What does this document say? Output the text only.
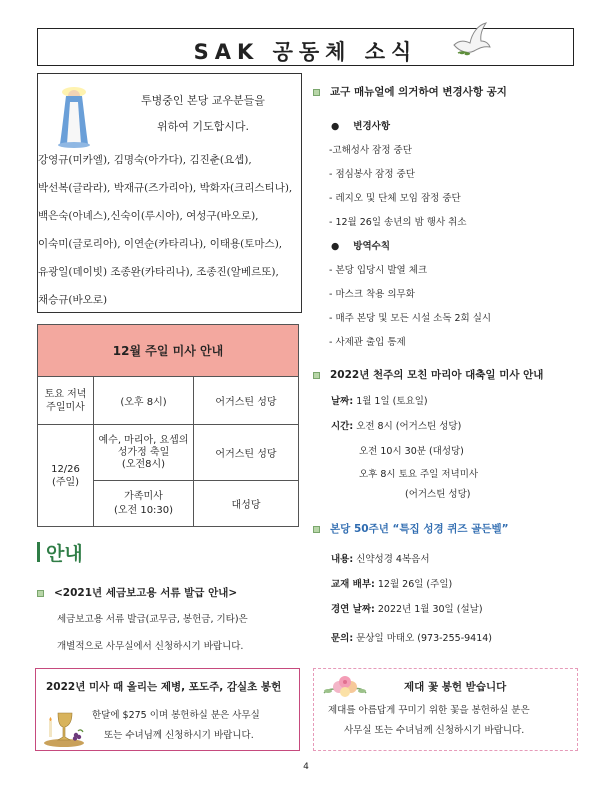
SAK 공동체 소식
투병중인 본당 교우분들을
위하여 기도합시다.
강영규(미카엘), 김명숙(아가다), 김진춘(요셉),
박선복(글라라), 박재규(즈가리아), 박화자(크리스티나),
백은숙(아녜스),신숙이(루시아), 여성구(바오로),
이숙미(글로리아), 이연순(카타리나), 이태용(토마스),
유광일(데이빗) 조종완(카타리나), 조종진(알베르또),
채승규(바오로)
12월 주일 미사 안내		
토요 저녁
주일미사	(오후 8시)	어거스틴 성당
12/26
(주일)	예수, 마리아, 요셉의
성가정 축일
(오전8시)	어거스틴 성당
	가족미사
(오전 10:30)	대성당
안내
<2021년 세금보고용 서류 발급 안내>
세금보고용 서류 발급(교무금, 봉헌금, 기타)은
개별적으로 사무실에서 신청하시기 바랍니다.
2022년 미사 때 올리는 제병, 포도주, 감실초 봉헌
한달에 $275 이며 봉헌하실 분은 사무실
또는 수녀님께 신청하시기 바랍니다.
교구 매뉴얼에 의거하여 변경사항 공지
● 변경사항
-고해성사 잠정 중단
- 점심봉사 잠정 중단
- 레지오 및 단체 모임 잠정 중단
- 12월 26일 송년의 밤 행사 취소
● 방역수칙
- 본당 입당시 발열 체크
- 마스크 착용 의무화
- 매주 본당 및 모든 시설 소독 2회 실시
- 사제관 출입 통제
2022년 천주의 모친 마리아 대축일 미사 안내
날짜: 1월 1일 (토요일)
시간: 오전 8시 (어거스틴 성당)
오전 10시 30분 (대성당)
오후 8시 토요 주일 저녁미사
(어거스틴 성당)
본당 50주년 “특집 성경 퀴즈 골든벨”
내용: 신약성경 4복음서
교재 배부: 12월 26일 (주일)
경연 날짜: 2022년 1월 30일 (설날)
문의: 문상일 마태오 (973-255-9414)
제대 꽃 봉헌 받습니다
제대를 아름답게 꾸미기 위한 꽃을 봉헌하실 분은
사무실 또는 수녀님께 신청하시기 바랍니다.
4
